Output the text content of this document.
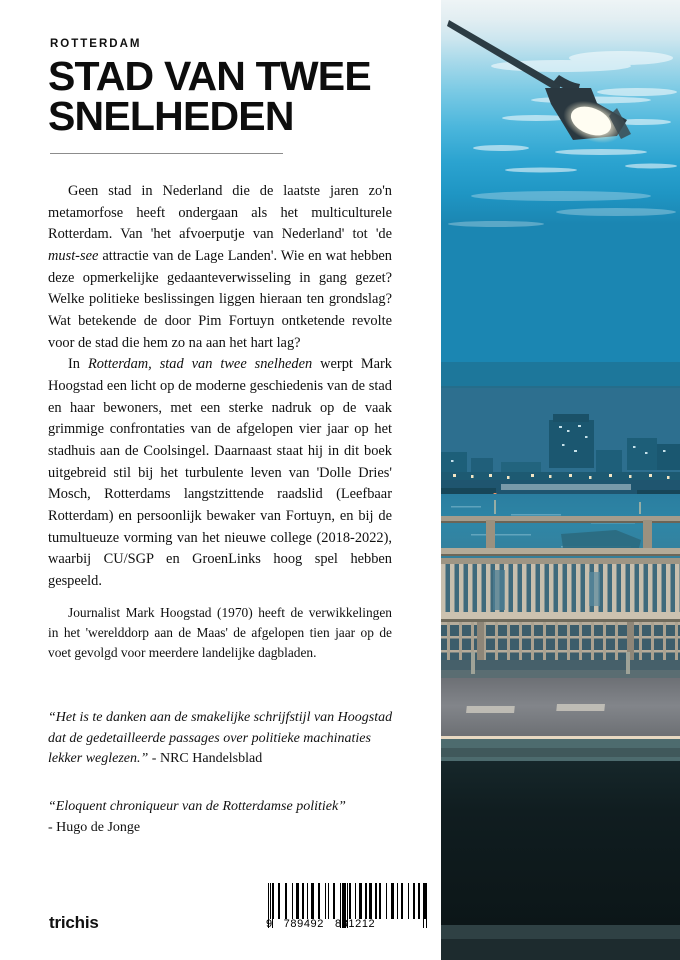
ROTTERDAM
STAD VAN TWEE
SNELHEDEN

Geen stad in Nederland die de laatste jaren zo'n metamorfose heeft ondergaan als het multiculturele Rotterdam. Van 'het afvoerputje van Nederland' tot 'de must-see attractie van de Lage Landen'. Wie en wat hebben deze opmerkelijke gedaanteverwisseling in gang gezet? Welke politieke beslissingen liggen hieraan ten grondslag? Wat betekende de door Pim Fortuyn ontketende revolte voor de stad die hem zo na aan het hart lag?

In Rotterdam, stad van twee snelheden werpt Mark Hoogstad een licht op de moderne geschiedenis van de stad en haar bewoners, met een sterke nadruk op de vaak grimmige confrontaties van de afgelopen vier jaar op het stadhuis aan de Coolsingel. Daarnaast staat hij in dit boek uitgebreid stil bij het turbulente leven van 'Dolle Dries' Mosch, Rotterdams langstzittende raadslid (Leefbaar Rotterdam) en persoonlijk bewaker van Fortuyn, en bij de tumultueuze vorming van het nieuwe college (2018-2022), waarbij CU/SGP en GroenLinks hoog spel hebben gespeeld.

Journalist Mark Hoogstad (1970) heeft de verwikkelingen in het 'werelddorp aan de Maas' de afgelopen tien jaar op de voet gevolgd voor meerdere landelijke dagbladen.

“Het is te danken aan de smakelijke schrijfstijl van Hoogstad dat de gedetailleerde passages over politieke machinaties lekker weglezen.” - NRC Handelsblad
“Eloquent chroniqueur van de Rotterdamse politiek”
- Hugo de Jonge
trichis	9   789492   881212
